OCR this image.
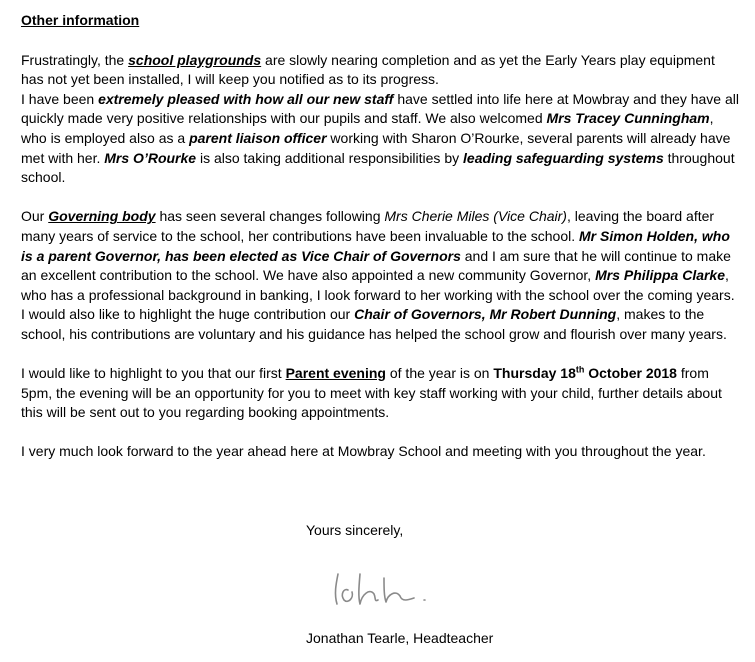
Other information

Frustratingly, the school playgrounds are slowly nearing completion and as yet the Early Years play equipment has not yet been installed, I will keep you notified as to its progress.

I have been extremely pleased with how all our new staff have settled into life here at Mowbray and they have all quickly made very positive relationships with our pupils and staff. We also welcomed Mrs Tracey Cunningham, who is employed also as a parent liaison officer working with Sharon O’Rourke, several parents will already have met with her. Mrs O’Rourke is also taking additional responsibilities by leading safeguarding systems throughout school.

Our Governing body has seen several changes following Mrs Cherie Miles (Vice Chair), leaving the board after many years of service to the school, her contributions have been invaluable to the school. Mr Simon Holden, who is a parent Governor, has been elected as Vice Chair of Governors and I am sure that he will continue to make an excellent contribution to the school. We have also appointed a new community Governor, Mrs Philippa Clarke, who has a professional background in banking, I look forward to her working with the school over the coming years. I would also like to highlight the huge contribution our Chair of Governors, Mr Robert Dunning, makes to the school, his contributions are voluntary and his guidance has helped the school grow and flourish over many years.

I would like to highlight to you that our first Parent evening of the year is on Thursday 18th October 2018 from 5pm, the evening will be an opportunity for you to meet with key staff working with your child, further details about this will be sent out to you regarding booking appointments.

I very much look forward to the year ahead here at Mowbray School and meeting with you throughout the year.

Yours sincerely,
Jonathan Tearle, Headteacher
